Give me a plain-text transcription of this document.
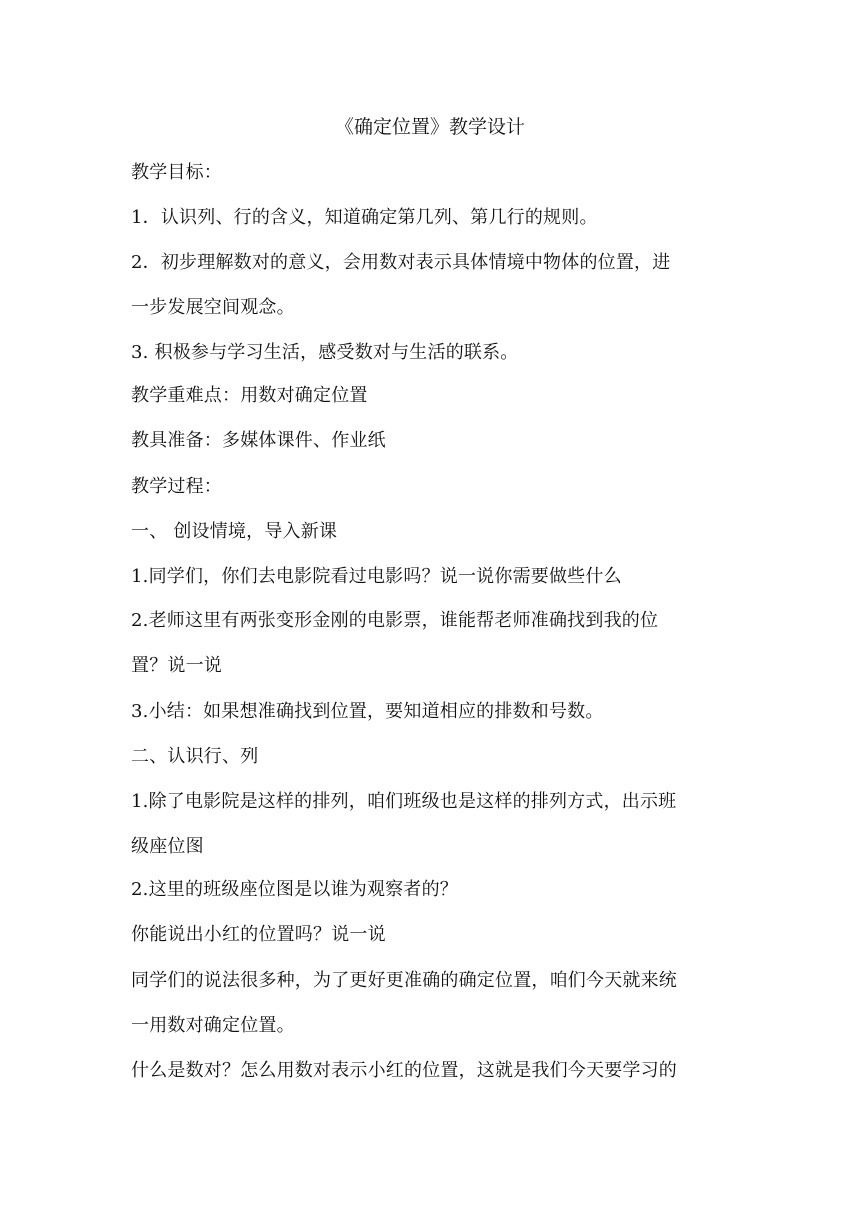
《确定位置》教学设计
教学目标：
1．认识列、行的含义，知道确定第几列、第几行的规则。
2．初步理解数对的意义，会用数对表示具体情境中物体的位置，进
一步发展空间观念。
3. 积极参与学习生活，感受数对与生活的联系。
教学重难点：用数对确定位置
教具准备：多媒体课件、作业纸
教学过程：
一、 创设情境，导入新课
1.同学们，你们去电影院看过电影吗？说一说你需要做些什么
2.老师这里有两张变形金刚的电影票，谁能帮老师准确找到我的位
置？说一说
3.小结：如果想准确找到位置，要知道相应的排数和号数。
二、认识行、列
1.除了电影院是这样的排列，咱们班级也是这样的排列方式，出示班
级座位图
2.这里的班级座位图是以谁为观察者的？
你能说出小红的位置吗？说一说
同学们的说法很多种，为了更好更准确的确定位置，咱们今天就来统
一用数对确定位置。
什么是数对？怎么用数对表示小红的位置，这就是我们今天要学习的
